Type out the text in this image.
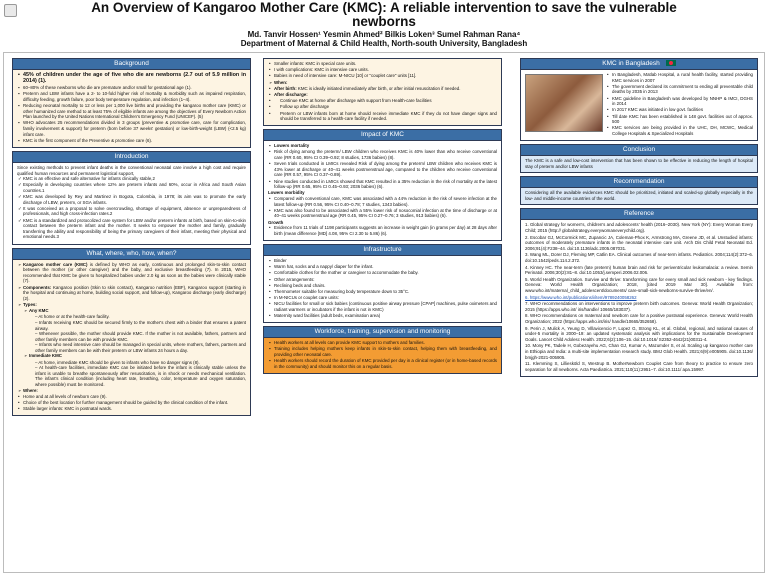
An Overview of Kangaroo Mother Care (KMC): A reliable intervention to save the vulnerable
newborns
Md. Tanvir Hossen¹ Yesmin Ahmed² Bilkis Loken³ Sumel Rahman Rana⁴
Department of Maternal & Child Health, North-south University, Bangladesh
Background
▪ 45% of children under the age of five who die are newborns (2.7 out of 5.9 million in 2014) (1).
▪ 60–80% of these newborns who die are premature and/or small for gestational age (1).
▪ Preterm and LBW infants have a 2- to 10-fold higher risk of mortality & morbidity such as impaired respiration, difficulty feeding, growth failure, poor body temperature regulation, and infection (1–4).
▪ Reducing neonatal mortality to 12 or less per 1,000 live births and providing the kangaroo mother care (KMC) or other humanized care method to at least 75% of eligible infants are among the objectives of Every Newborn Action Plan launched by the United Nations International Children's Emergency Fund (UNICEF). (5)
▪ WHO advocates 25 recommendations divided in 3 groups (preventive & promotive care, care for complication, family involvement & support) for preterm (born before 37 weeks' gestation) or low-birth-weight (LBW) (<2.5 kg) infant care.
▪ KMC is the first component of the Preventive & promotive care (6).
Introduction
Since existing methods to prevent infant deaths in the conventional neonatal care involve a high cost and require qualified human resources and permanent logistical support,
✓ KMC is an effective and safe alternative for infants clinically stable,2
✓ Especially in developing countries where 12% are preterm infants and 60%, occur in Africa and South Asian countries.1
✓ KMC was developed by Rey and Martinez in Bogota, Colombia, in 1978; its aim was to promote the early discharge of LBW, preterm, or SGA infants.
✓ It was conceived as a proposal to solve overcrowding, shortage of equipment, absence or unpreparedness of professionals, and high cross-infection rates.2
✓ KMC is a standardized and protocolized care system for LBW and/or preterm infants at birth, based on skin-to-skin contact between the preterm infant and the mother. It seeks to empower the mother and family, gradually transferring the ability and responsibility of being the primary caregivers of their infant, meeting their physical and emotional needs.3
What, where, who, how, when?
➢ Kangaroo mother care (KMC) is defined by WHO as early, continuous and prolonged skin-to-skin contact between the mother (or other caregiver) and the baby, and exclusive breastfeeding (7). In 2015, WHO recommended that KMC be given to hospitalized babies under 2.0 kg as soon as the babies were clinically stable (7).
➢ Components: Kangaroo position (Skin to skin contact), Kangaroo nutrition (EBF), Kangaroo support (starting in the hospital and continuing at home, building social support, and follow-up), Kangaroo discharge (early discharge) (2).
➢ Types:
➢ Any KMC
– At home or at the health-care facility.
– Infants receiving KMC should be secured firmly to the mother's chest with a binder that ensures a patent airway.
– Whenever possible, the mother should provide KMC. If the mother is not available, fathers, partners and other family members can be with provide KMC.
– Infants who need intensive care should be managed in special units, where mothers, fathers, partners and other family members can be with their preterm or LBW infants 24 hours a day.
➢ Immediate KMC
– At home, immediate KMC should be given to infants who have no danger signs (8).
– At health-care facilities, immediate KMC can be initiated before the infant is clinically stable unless the infant is unable to breathe spontaneously after resuscitation, is in shock or needs mechanical ventilation. The infant's clinical condition (including heart rate, breathing, color, temperature and oxygen saturation, where possible) must be monitored.
➢ Where:
• Home and at all levels of newborn care (9).
• Choice of the best location for further management should be guided by the clinical condition of the infant.
• Stable larger infants: KMC in postnatal wards.
• Smaller infants: KMC in special care units.
• I with complications: KMC in intensive care units.
• Babies in need of intensive care: M-NICU [10] or "couplet care" units [11].
➢ When:
• After birth: KMC is ideally initiated immediately after birth, or after initial resuscitation if needed.
• After discharge:
• Continue KMC at home after discharge with support from Health-care facilities
• Follow up after discharge
• Preterm or LBW infants born at home should receive immediate KMC if they do not have danger signs and should be transferred to a health-care facility if needed.
Impact of KMC
▪ Lowers mortality
• Risk of dying among the preterm/ LBW children who receives KMC is 40% lower than who receive conventional care (RR 0.60, 95% CI 0.39–0.92; 8 studies, 1736 babies) (8).
• Seven trials conducted in LMICs revealed Risk of dying among the preterm/ LBW children who receives KMC is 43% lower at discharge or 40–41 weeks postmenstrual age, compared to the children who receive conventional care (RR 0.57, 95% CI 0.37–0.89).
• Nine studies conducted in LMICs showed that KMC resulted in a 35% reduction in the risk of mortality at the latest follow-up (RR 0.65, 95% CI 0.45–0.93; 2036 babies) (6).
Lowers morbidity
• Compared with conventional care, KMC was associated with a 44% reduction in the risk of severe infection at the latest follow-up (RR 0.56, 95% CI 0.40–0.78; 7 studies, 1343 babies).
• KMC was also found to be associated with a 55% lower risk of nosocomial infection at the time of discharge or at 40–41 weeks postmenstrual age (RR 0.45, 95% CI 0.27–0.76; 3 studies, 913 babies) (6).
Growth
• Evidence from 11 trials of 1198 participants suggests an increase in weight gain (in grams per day) at 28 days after birth (mean difference [MD] 4.08, 95% CI 2.30 to 5.86) (6).
Infrastructure
▪ Binder
▪ Warm hat, socks and a nappy/ diaper for the infant.
▪ Comfortable clothes for the mother or caregiver to accommodate the baby.
▪ Other arrangements:
• Reclining beds and chairs.
• Thermometer suitable for measuring body temperature down to 35°C.
▪ In M-NICUs or couplet care units:
• NICU facilities for small or sick babies (continuous positive airway pressure [CPAP] machines, pulse oximeters and radiant warmers or incubators if the infant is not in KMC)
• Maternity ward facilities (adult beds, examination area)
Workforce, training, supervision and monitoring
▪ Health workers at all levels can provide KMC support to mothers and families.
▪ Training includes helping mothers keep infants in skin-to-skin contact, helping them with breastfeeding, and providing other neonatal care.
▪ Health workers should record the duration of KMC provided per day in a clinical register (or in home-based records in the community) and should monitor this on a regular basis.
KMC in Bangladesh
• In Bangladesh, Matlab Hospital, a rural health facility, started providing KMC services in 2007
• The government declared its commitment to ending all preventable child deaths by 2035 in 2013
• KMC guideline in Bangladesh was developed by NNHP & IMCI, DGHS in 2014
• In 2017 KMC was initiated in low govt. facilities
• Till date KMC has been established in 148 govt. facilities out of approx. 500
• KMC services are being provided in the UHC, DH, MCWC, Medical College Hospitals & Specialized Hospitals
Conclusion
The KMC is a safe and low-cost intervention that has been shown to be effective in reducing the length of hospital stay of preterm and/or LBW infants
Recommendation
Considering all the available evidences KMC should be prioritized, initiated and scaled-up globally especially in the low- and middle-income countries of the world.
Reference

1. Global strategy for women's, children's and adolescents' health (2016–2030). New York (NY): Every Woman Every Child; 2015 (http:// globalstrategy.everywomaneverychild.org).

2. Escobar GJ, McCormick MC, Zupancic JA, Coleman-Phox K, Armstrong MA, Greene JD, et al. Unstudied infants: outcomes of moderately premature infants in the neonatal intensive care unit. Arch Dis Child Fetal Neonatal Ed. 2006;91(4):F238–44. doi:10.1136/adc.2005.087031.

3. Wang ML, Dorer DJ, Fleming MP, Catlin EA. Clinical outcomes of near-term infants. Pediatrics. 2004;114(2):372–6. doi:10.1542/peds.114.2.372.

4. Kinney HC. The near-term (late preterm) human brain and risk for periventricular leukomalacia: a review. Semin Perinatol. 2006;30(2):81–8. doi:10.1053/j.semperi.2006.02.006.

5. World Health Organization. Survive and thrive: transforming care for every small and sick newborn - key findings. Geneva: World Health Organization; 2018, [cited 2019 Mar 30]. Available from: www.who.int/maternal_child_adolescent/documents/ care-small-sick-newborns-survive-thrive/en/.

6. https://www.who.int/publications/i/item/9789240058262

7. WHO recommendations on interventions to improve preterm birth outcomes. Geneva: World Health Organization; 2015 (https://apps.who.int/ iris/handle/ 10665/183037).

8. WHO recommendations on maternal and newborn care for a positive postnatal experience. Geneva: World Health Organization; 2022 (https://apps.who.int/iris/ handle/10665/352658).

9. Perin J, Mulick A, Yeung D, Villavicencio F, Lopez G, Strong KL, et al. Global, regional, and national causes of under-5 mortality in 2000–19: an updated systematic analysis with implications for the Sustainable Development Goals. Lancet Child Adolesc Health. 2022;6(2):106–15. doi:10.1016/ S2352-4642(21)00311-4.

10. Mony PK, Tadele H, Gobezayehu AG, Chan GJ, Kumar A, Mazumder S, et al. Scaling up kangaroo mother care in Ethiopia and India: a multi-site implementation research study. BMJ Glob Health. 2021;6(9):e005905. doi:10.1136/ bmjgh-2021-005905.

11. Klemming S, Lilliesköld S, Westrup B. MotherNewborn Couplet Care from theory to practice to ensure zero separation for all newborns. Acta Paediatrica. 2021;110(11):2951–7. doi:10.1111/ apa.15997.
